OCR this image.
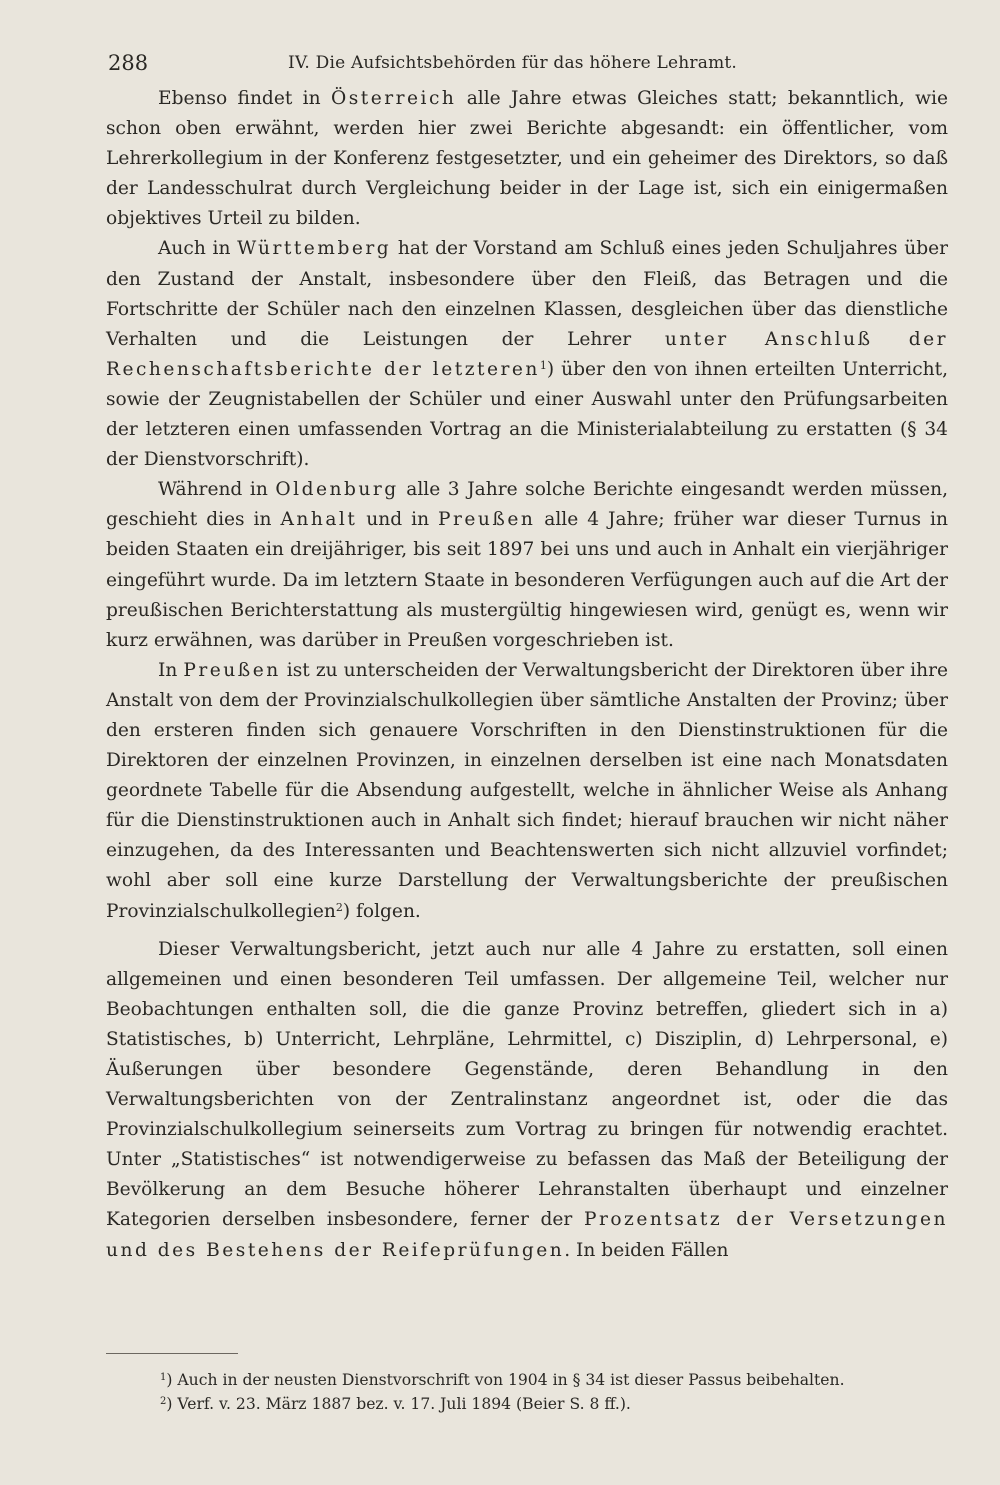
288	IV. Die Aufsichtsbehörden für das höhere Lehramt.

Ebenso findet in Österreich alle Jahre etwas Gleiches statt; bekanntlich, wie schon oben erwähnt, werden hier zwei Berichte abgesandt: ein öffentlicher, vom Lehrerkollegium in der Konferenz festgesetzter, und ein geheimer des Direktors, so daß der Landesschulrat durch Vergleichung beider in der Lage ist, sich ein einigermaßen objektives Urteil zu bilden.

Auch in Württemberg hat der Vorstand am Schluß eines jeden Schuljahres über den Zustand der Anstalt, insbesondere über den Fleiß, das Betragen und die Fortschritte der Schüler nach den einzelnen Klassen, desgleichen über das dienstliche Verhalten und die Leistungen der Lehrer unter Anschluß der Rechenschaftsberichte der letzteren$^1$) über den von ihnen erteilten Unterricht, sowie der Zeugnistabellen der Schüler und einer Auswahl unter den Prüfungsarbeiten der letzteren einen umfassenden Vortrag an die Ministerialabteilung zu erstatten (§ 34 der Dienstvorschrift).

Während in Oldenburg alle 3 Jahre solche Berichte eingesandt werden müssen, geschieht dies in Anhalt und in Preußen alle 4 Jahre; früher war dieser Turnus in beiden Staaten ein dreijähriger, bis seit 1897 bei uns und auch in Anhalt ein vierjähriger eingeführt wurde. Da im letztern Staate in besonderen Verfügungen auch auf die Art der preußischen Berichterstattung als mustergültig hingewiesen wird, genügt es, wenn wir kurz erwähnen, was darüber in Preußen vorgeschrieben ist.

In Preußen ist zu unterscheiden der Verwaltungsbericht der Direktoren über ihre Anstalt von dem der Provinzialschulkollegien über sämtliche Anstalten der Provinz; über den ersteren finden sich genauere Vorschriften in den Dienstinstruktionen für die Direktoren der einzelnen Provinzen, in einzelnen derselben ist eine nach Monatsdaten geordnete Tabelle für die Absendung aufgestellt, welche in ähnlicher Weise als Anhang für die Dienstinstruktionen auch in Anhalt sich findet; hierauf brauchen wir nicht näher einzugehen, da des Interessanten und Beachtenswerten sich nicht allzuviel vorfindet; wohl aber soll eine kurze Darstellung der Verwaltungsberichte der preußischen Provinzialschulkollegien$^2$) folgen.

Dieser Verwaltungsbericht, jetzt auch nur alle 4 Jahre zu erstatten, soll einen allgemeinen und einen besonderen Teil umfassen. Der allgemeine Teil, welcher nur Beobachtungen enthalten soll, die die ganze Provinz betreffen, gliedert sich in a) Statistisches, b) Unterricht, Lehrpläne, Lehrmittel, c) Disziplin, d) Lehrpersonal, e) Äußerungen über besondere Gegenstände, deren Behandlung in den Verwaltungsberichten von der Zentralinstanz angeordnet ist, oder die das Provinzialschulkollegium seinerseits zum Vortrag zu bringen für notwendig erachtet. Unter „Statistisches“ ist notwendigerweise zu befassen das Maß der Beteiligung der Bevölkerung an dem Besuche höherer Lehranstalten überhaupt und einzelner Kategorien derselben insbesondere, ferner der Prozentsatz der Versetzungen und des Bestehens der Reifeprüfungen. In beiden Fällen

$^1$) Auch in der neusten Dienstvorschrift von 1904 in § 34 ist dieser Passus beibehalten.
$^2$) Verf. v. 23. März 1887 bez. v. 17. Juli 1894 (Beier S. 8 ff.).
